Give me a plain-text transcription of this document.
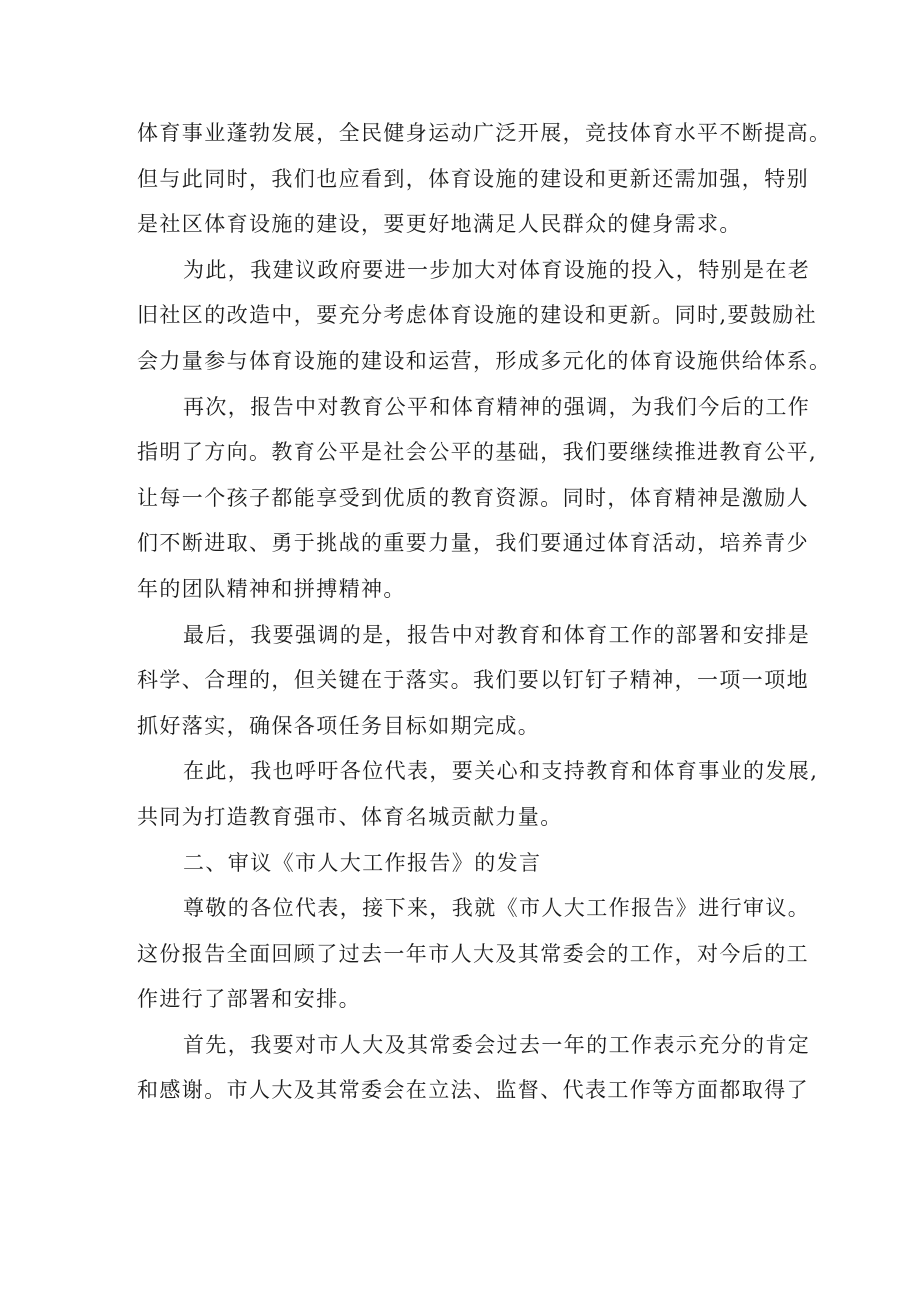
体育事业蓬勃发展，全民健身运动广泛开展，竞技体育水平不断提高。
但与此同时，我们也应看到，体育设施的建设和更新还需加强，特别
是社区体育设施的建设，要更好地满足人民群众的健身需求。
为此，我建议政府要进一步加大对体育设施的投入，特别是在老
旧社区的改造中，要充分考虑体育设施的建设和更新。同时,要鼓励社
会力量参与体育设施的建设和运营，形成多元化的体育设施供给体系。
再次，报告中对教育公平和体育精神的强调，为我们今后的工作
指明了方向。教育公平是社会公平的基础，我们要继续推进教育公平,
让每一个孩子都能享受到优质的教育资源。同时，体育精神是激励人
们不断进取、勇于挑战的重要力量，我们要通过体育活动，培养青少
年的团队精神和拼搏精神。
最后，我要强调的是，报告中对教育和体育工作的部署和安排是
科学、合理的，但关键在于落实。我们要以钉钉子精神，一项一项地
抓好落实，确保各项任务目标如期完成。
在此，我也呼吁各位代表，要关心和支持教育和体育事业的发展,
共同为打造教育强市、体育名城贡献力量。
二、审议《市人大工作报告》的发言
尊敬的各位代表，接下来，我就《市人大工作报告》进行审议。
这份报告全面回顾了过去一年市人大及其常委会的工作，对今后的工
作进行了部署和安排。
首先，我要对市人大及其常委会过去一年的工作表示充分的肯定
和感谢。市人大及其常委会在立法、监督、代表工作等方面都取得了
